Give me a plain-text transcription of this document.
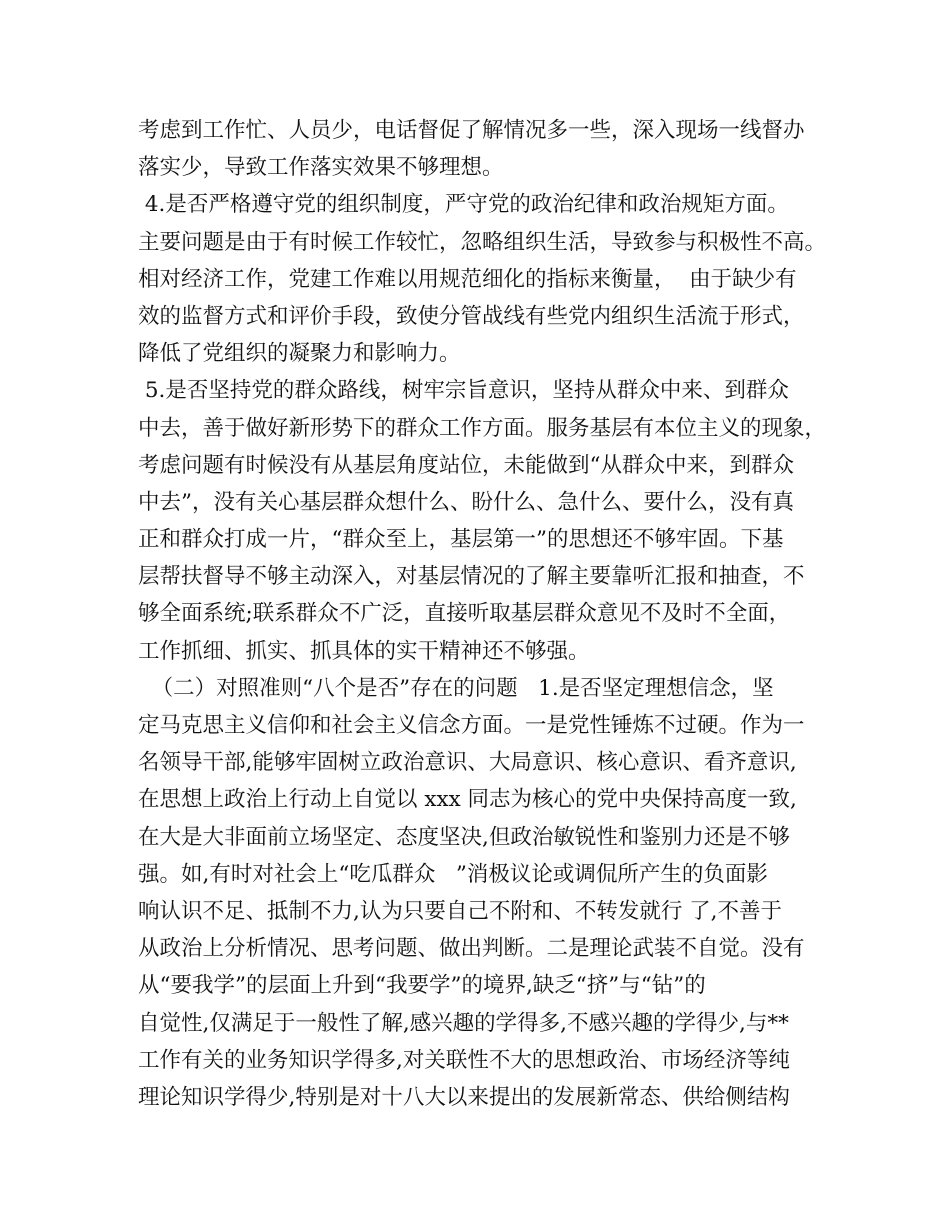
考虑到工作忙、人员少，电话督促了解情况多一些，深入现场一线督办
落实少，导致工作落实效果不够理想。
4.是否严格遵守党的组织制度，严守党的政治纪律和政治规矩方面。
主要问题是由于有时候工作较忙，忽略组织生活，导致参与积极性不高。
相对经济工作，党建工作难以用规范细化的指标来衡量，  由于缺少有
效的监督方式和评价手段，致使分管战线有些党内组织生活流于形式，
降低了党组织的凝聚力和影响力。
5.是否坚持党的群众路线，树牢宗旨意识，坚持从群众中来、到群众
中去，善于做好新形势下的群众工作方面。服务基层有本位主义的现象，
考虑问题有时候没有从基层角度站位，未能做到“从群众中来，到群众
中去”，没有关心基层群众想什么、盼什么、急什么、要什么，没有真
正和群众打成一片，“群众至上，基层第一”的思想还不够牢固。下基
层帮扶督导不够主动深入，对基层情况的了解主要靠听汇报和抽查，不
够全面系统;联系群众不广泛，直接听取基层群众意见不及时不全面，
工作抓细、抓实、抓具体的实干精神还不够强。
（二）对照准则“八个是否”存在的问题   1.是否坚定理想信念，坚
定马克思主义信仰和社会主义信念方面。一是党性锤炼不过硬。作为一
名领导干部,能够牢固树立政治意识、大局意识、核心意识、看齐意识,
在思想上政治上行动上自觉以 xxx 同志为核心的党中央保持高度一致,
在大是大非面前立场坚定、态度坚决,但政治敏锐性和鉴别力还是不够
强。如,有时对社会上“吃瓜群众   ”消极议论或调侃所产生的负面影
响认识不足、抵制不力,认为只要自己不附和、不转发就行 了,不善于
从政治上分析情况、思考问题、做出判断。二是理论武装不自觉。没有
从“要我学”的层面上升到“我要学”的境界,缺乏“挤”与“钻”的
自觉性,仅满足于一般性了解,感兴趣的学得多,不感兴趣的学得少,与**
工作有关的业务知识学得多,对关联性不大的思想政治、市场经济等纯
理论知识学得少,特别是对十八大以来提出的发展新常态、供给侧结构
